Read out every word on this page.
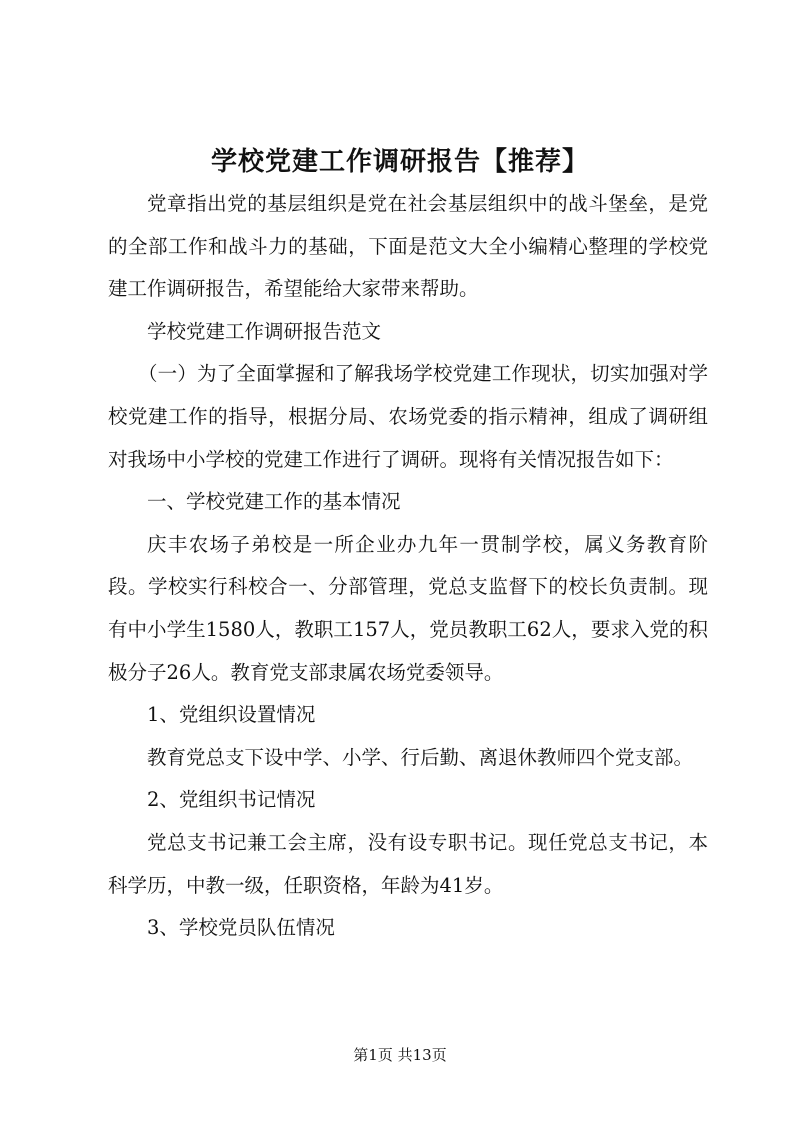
学校党建工作调研报告【推荐】

党章指出党的基层组织是党在社会基层组织中的战斗堡垒，是党的全部工作和战斗力的基础，下面是范文大全小编精心整理的学校党建工作调研报告，希望能给大家带来帮助。

学校党建工作调研报告范文

（一）为了全面掌握和了解我场学校党建工作现状，切实加强对学校党建工作的指导，根据分局、农场党委的指示精神，组成了调研组对我场中小学校的党建工作进行了调研。现将有关情况报告如下：

一、学校党建工作的基本情况

庆丰农场子弟校是一所企业办九年一贯制学校，属义务教育阶段。学校实行科校合一、分部管理，党总支监督下的校长负责制。现有中小学生1580人，教职工157人，党员教职工62人，要求入党的积极分子26人。教育党支部隶属农场党委领导。

1、党组织设置情况

教育党总支下设中学、小学、行后勤、离退休教师四个党支部。

2、党组织书记情况

党总支书记兼工会主席，没有设专职书记。现任党总支书记，本科学历，中教一级，任职资格，年龄为41岁。

3、学校党员队伍情况

第1页 共13页
